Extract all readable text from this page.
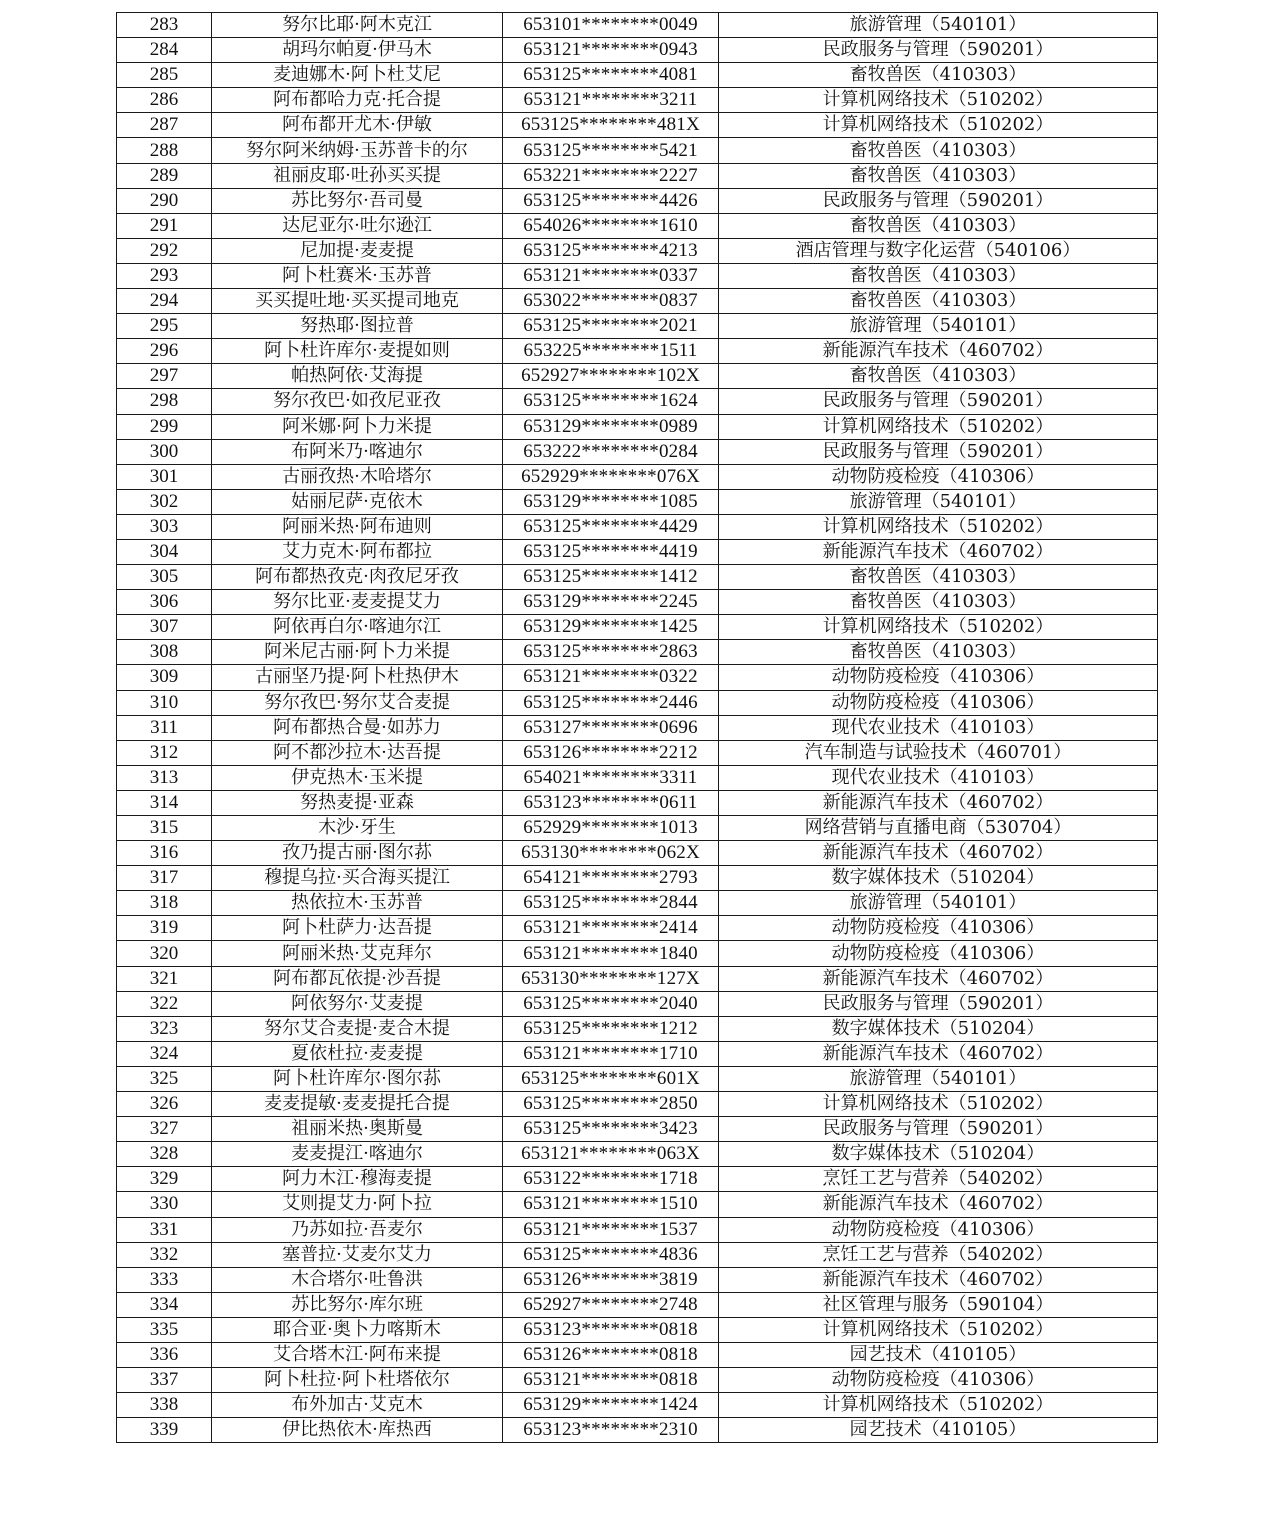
283	努尔比耶·阿木克江	653101********0049	旅游管理（540101）
284	胡玛尔帕夏·伊马木	653121********0943	民政服务与管理（590201）
285	麦迪娜木·阿卜杜艾尼	653125********4081	畜牧兽医（410303）
286	阿布都哈力克·托合提	653121********3211	计算机网络技术（510202）
287	阿布都开尤木·伊敏	653125********481X	计算机网络技术（510202）
288	努尔阿米纳姆·玉苏普卡的尔	653125********5421	畜牧兽医（410303）
289	祖丽皮耶·吐孙买买提	653221********2227	畜牧兽医（410303）
290	苏比努尔·吾司曼	653125********4426	民政服务与管理（590201）
291	达尼亚尔·吐尔逊江	654026********1610	畜牧兽医（410303）
292	尼加提·麦麦提	653125********4213	酒店管理与数字化运营（540106）
293	阿卜杜赛米·玉苏普	653121********0337	畜牧兽医（410303）
294	买买提吐地·买买提司地克	653022********0837	畜牧兽医（410303）
295	努热耶·图拉普	653125********2021	旅游管理（540101）
296	阿卜杜许库尔·麦提如则	653225********1511	新能源汽车技术（460702）
297	帕热阿依·艾海提	652927********102X	畜牧兽医（410303）
298	努尔孜巴·如孜尼亚孜	653125********1624	民政服务与管理（590201）
299	阿米娜·阿卜力米提	653129********0989	计算机网络技术（510202）
300	布阿米乃·喀迪尔	653222********0284	民政服务与管理（590201）
301	古丽孜热·木哈塔尔	652929********076X	动物防疫检疫（410306）
302	姑丽尼萨·克依木	653129********1085	旅游管理（540101）
303	阿丽米热·阿布迪则	653125********4429	计算机网络技术（510202）
304	艾力克木·阿布都拉	653125********4419	新能源汽车技术（460702）
305	阿布都热孜克·肉孜尼牙孜	653125********1412	畜牧兽医（410303）
306	努尔比亚·麦麦提艾力	653129********2245	畜牧兽医（410303）
307	阿依再白尔·喀迪尔江	653129********1425	计算机网络技术（510202）
308	阿米尼古丽·阿卜力米提	653125********2863	畜牧兽医（410303）
309	古丽坚乃提·阿卜杜热伊木	653121********0322	动物防疫检疫（410306）
310	努尔孜巴·努尔艾合麦提	653125********2446	动物防疫检疫（410306）
311	阿布都热合曼·如苏力	653127********0696	现代农业技术（410103）
312	阿不都沙拉木·达吾提	653126********2212	汽车制造与试验技术（460701）
313	伊克热木·玉米提	654021********3311	现代农业技术（410103）
314	努热麦提·亚森	653123********0611	新能源汽车技术（460702）
315	木沙·牙生	652929********1013	网络营销与直播电商（530704）
316	孜乃提古丽·图尔荪	653130********062X	新能源汽车技术（460702）
317	穆提乌拉·买合海买提江	654121********2793	数字媒体技术（510204）
318	热依拉木·玉苏普	653125********2844	旅游管理（540101）
319	阿卜杜萨力·达吾提	653121********2414	动物防疫检疫（410306）
320	阿丽米热·艾克拜尔	653121********1840	动物防疫检疫（410306）
321	阿布都瓦依提·沙吾提	653130********127X	新能源汽车技术（460702）
322	阿依努尔·艾麦提	653125********2040	民政服务与管理（590201）
323	努尔艾合麦提·麦合木提	653125********1212	数字媒体技术（510204）
324	夏依杜拉·麦麦提	653121********1710	新能源汽车技术（460702）
325	阿卜杜许库尔·图尔荪	653125********601X	旅游管理（540101）
326	麦麦提敏·麦麦提托合提	653125********2850	计算机网络技术（510202）
327	祖丽米热·奥斯曼	653125********3423	民政服务与管理（590201）
328	麦麦提江·喀迪尔	653121********063X	数字媒体技术（510204）
329	阿力木江·穆海麦提	653122********1718	烹饪工艺与营养（540202）
330	艾则提艾力·阿卜拉	653121********1510	新能源汽车技术（460702）
331	乃苏如拉·吾麦尔	653121********1537	动物防疫检疫（410306）
332	塞普拉·艾麦尔艾力	653125********4836	烹饪工艺与营养（540202）
333	木合塔尔·吐鲁洪	653126********3819	新能源汽车技术（460702）
334	苏比努尔·库尔班	652927********2748	社区管理与服务（590104）
335	耶合亚·奥卜力喀斯木	653123********0818	计算机网络技术（510202）
336	艾合塔木江·阿布来提	653126********0818	园艺技术（410105）
337	阿卜杜拉·阿卜杜塔依尔	653121********0818	动物防疫检疫（410306）
338	布外加古·艾克木	653129********1424	计算机网络技术（510202）
339	伊比热依木·库热西	653123********2310	园艺技术（410105）
